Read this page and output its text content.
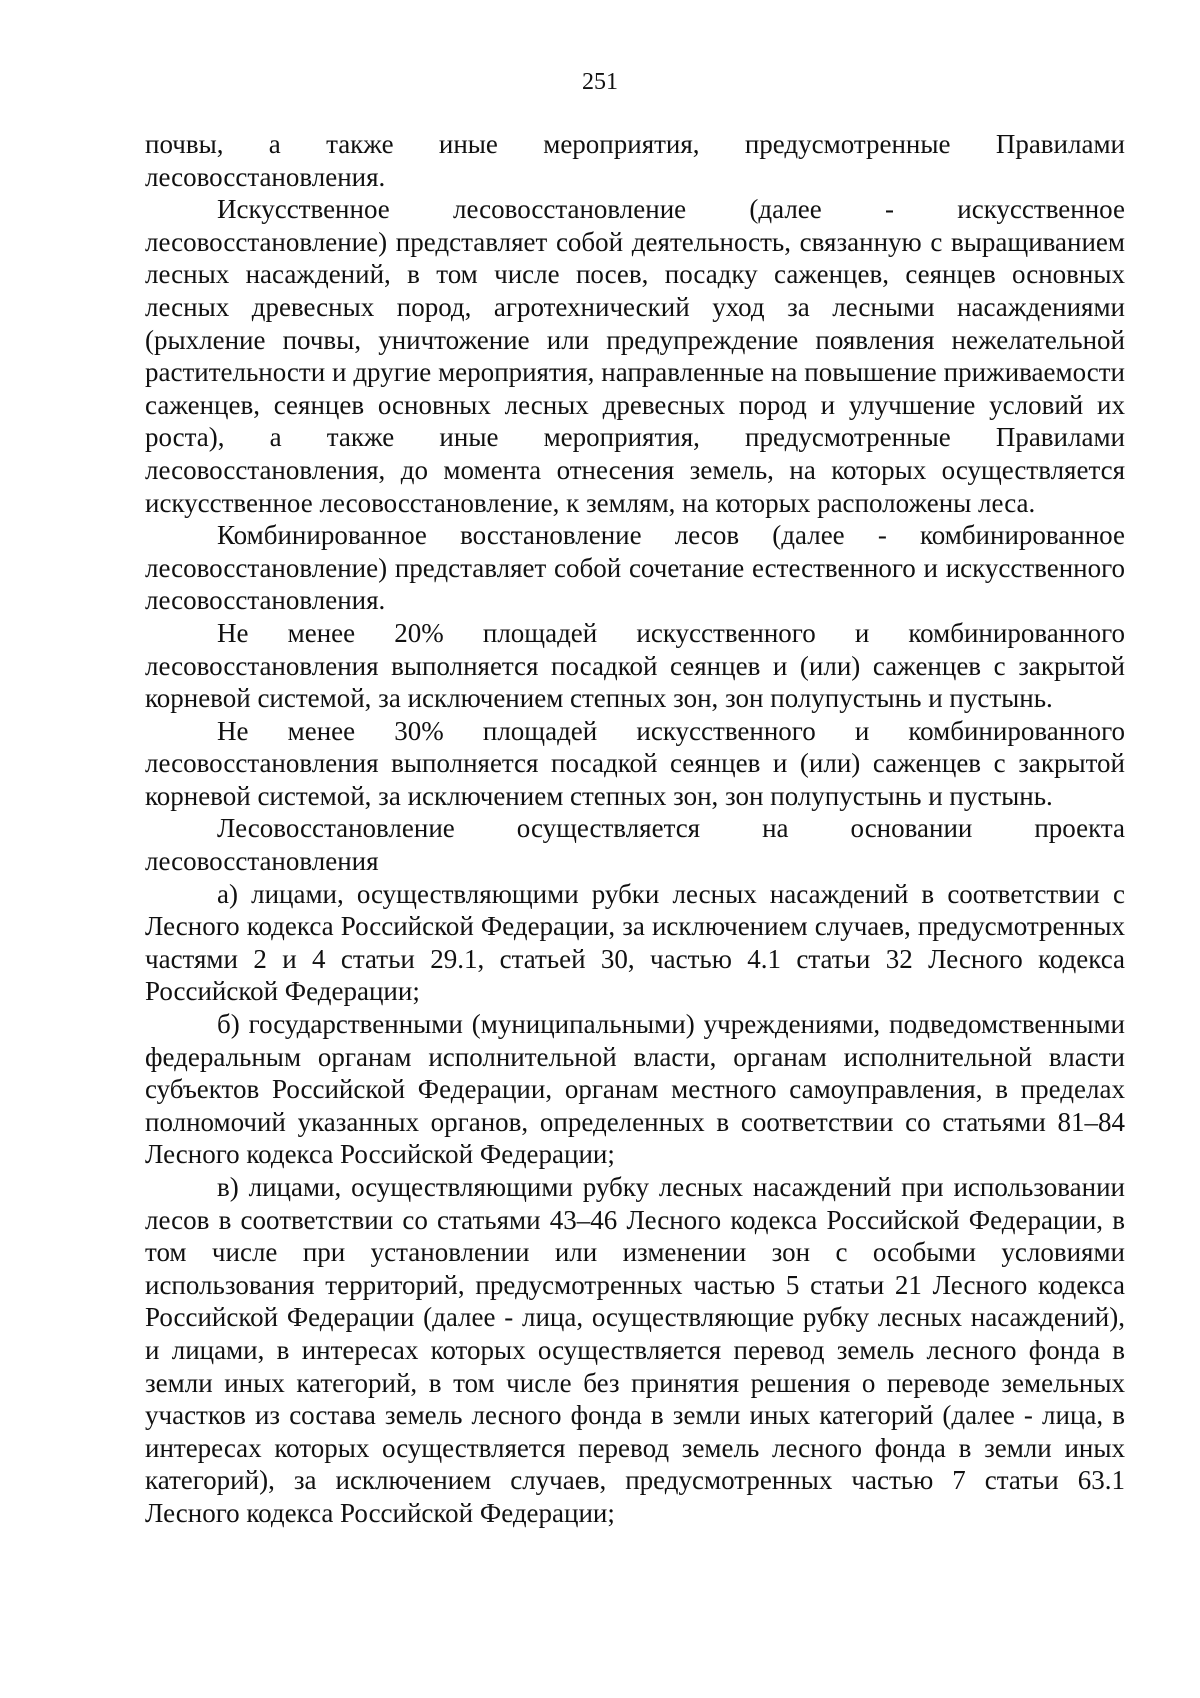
251

почвы, а также иные мероприятия, предусмотренные Правилами лесовосстановления.

Искусственное лесовосстановление (далее - искусственное лесовосстановление) представляет собой деятельность, связанную с выращиванием лесных насаждений, в том числе посев, посадку саженцев, сеянцев основных лесных древесных пород, агротехнический уход за лесными насаждениями (рыхление почвы, уничтожение или предупреждение появления нежелательной растительности и другие мероприятия, направленные на повышение приживаемости саженцев, сеянцев основных лесных древесных пород и улучшение условий их роста), а также иные мероприятия, предусмотренные Правилами лесовосстановления, до момента отнесения земель, на которых осуществляется искусственное лесовосстановление, к землям, на которых расположены леса.

Комбинированное восстановление лесов (далее - комбинированное лесовосстановление) представляет собой сочетание естественного и искусственного лесовосстановления.

Не менее 20% площадей искусственного и комбинированного лесовосстановления выполняется посадкой сеянцев и (или) саженцев с закрытой корневой системой, за исключением степных зон, зон полупустынь и пустынь.

Не менее 30% площадей искусственного и комбинированного лесовосстановления выполняется посадкой сеянцев и (или) саженцев с закрытой корневой системой, за исключением степных зон, зон полупустынь и пустынь.

Лесовосстановление осуществляется на основании проекта лесовосстановления

а) лицами, осуществляющими рубки лесных насаждений в соответствии с Лесного кодекса Российской Федерации, за исключением случаев, предусмотренных частями 2 и 4 статьи 29.1, статьей 30, частью 4.1 статьи 32 Лесного кодекса Российской Федерации;

б) государственными (муниципальными) учреждениями, подведомственными федеральным органам исполнительной власти, органам исполнительной власти субъектов Российской Федерации, органам местного самоуправления, в пределах полномочий указанных органов, определенных в соответствии со статьями 81–84 Лесного кодекса Российской Федерации;

в) лицами, осуществляющими рубку лесных насаждений при использовании лесов в соответствии со статьями 43–46 Лесного кодекса Российской Федерации, в том числе при установлении или изменении зон с особыми условиями использования территорий, предусмотренных частью 5 статьи 21 Лесного кодекса Российской Федерации (далее - лица, осуществляющие рубку лесных насаждений), и лицами, в интересах которых осуществляется перевод земель лесного фонда в земли иных категорий, в том числе без принятия решения о переводе земельных участков из состава земель лесного фонда в земли иных категорий (далее - лица, в интересах которых осуществляется перевод земель лесного фонда в земли иных категорий), за исключением случаев, предусмотренных частью 7 статьи 63.1 Лесного кодекса Российской Федерации;
